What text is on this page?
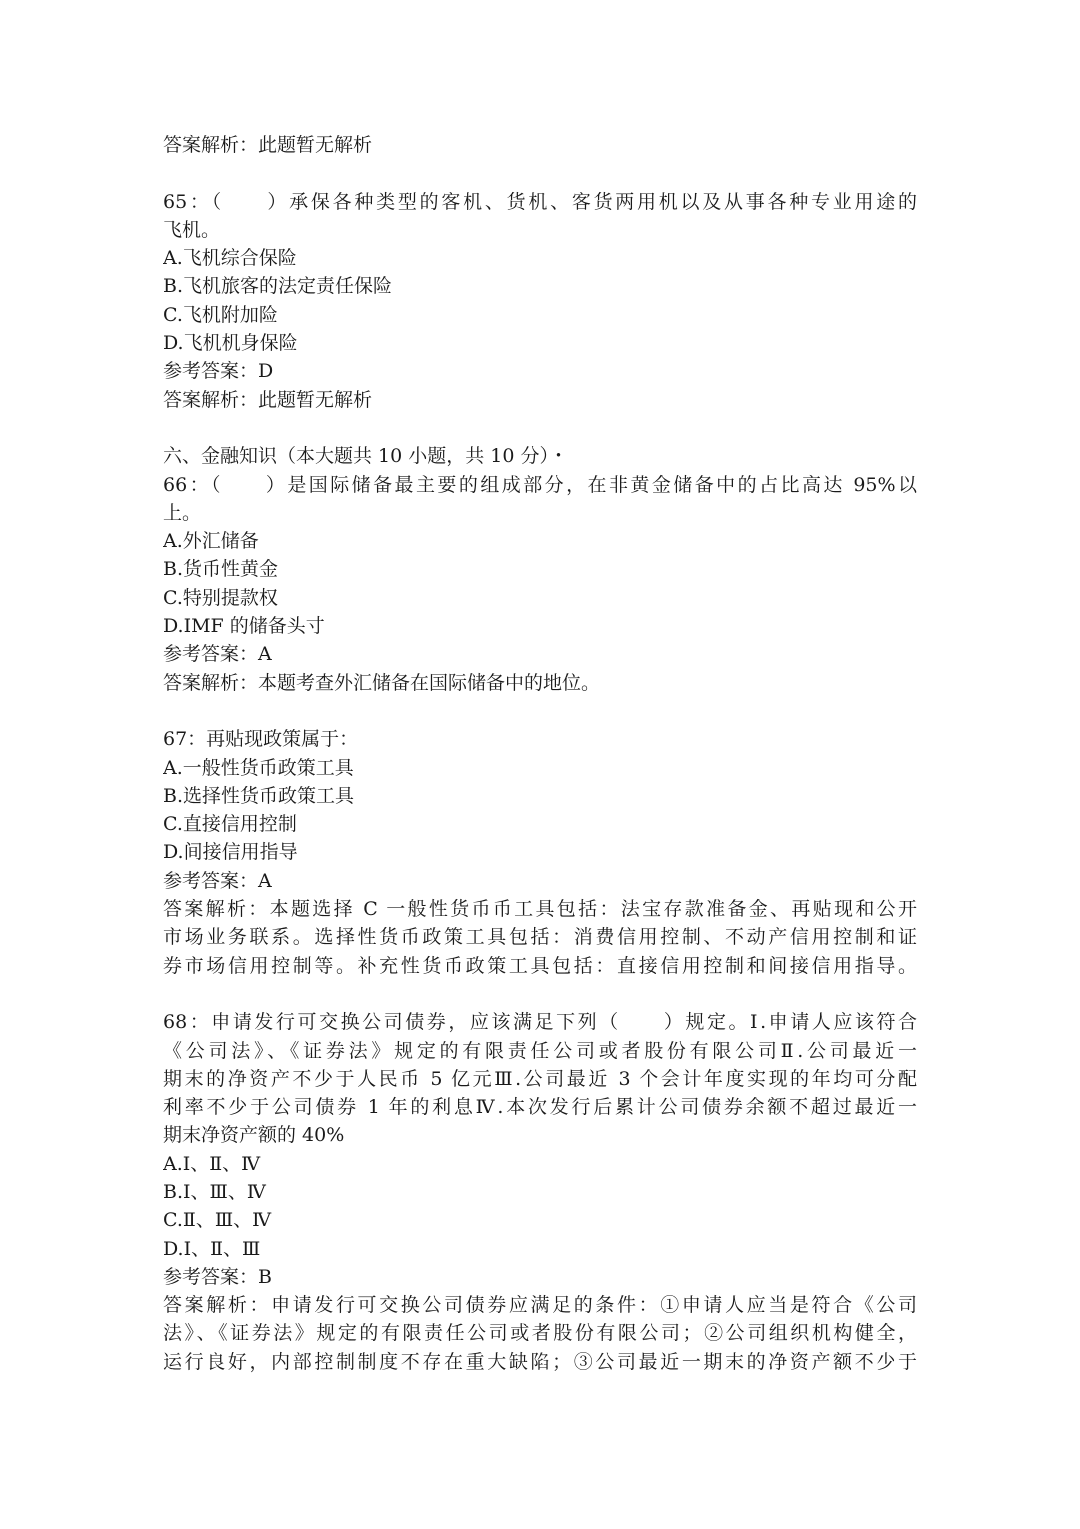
答案解析：此题暂无解析
65：（　　）承保各种类型的客机、货机、客货两用机以及从事各种专业用途的
飞机。
A.飞机综合保险
B.飞机旅客的法定责任保险
C.飞机附加险
D.飞机机身保险
参考答案：D
答案解析：此题暂无解析
六、金融知识（本大题共 10 小题，共 10 分）・
66：（　　）是国际储备最主要的组成部分，在非黄金储备中的占比高达 95%以
上。
A.外汇储备
B.货币性黄金
C.特别提款权
D.IMF 的储备头寸
参考答案：A
答案解析：本题考查外汇储备在国际储备中的地位。
67：再贴现政策属于：
A.一般性货币政策工具
B.选择性货币政策工具
C.直接信用控制
D.间接信用指导
参考答案：A
答案解析：本题选择 C 一般性货币币工具包括：法宝存款准备金、再贴现和公开
市场业务联系。选择性货币政策工具包括：消费信用控制、不动产信用控制和证
券市场信用控制等。补充性货币政策工具包括：直接信用控制和间接信用指导。
68：申请发行可交换公司债券，应该满足下列（　　）规定。Ⅰ.申请人应该符合
《公司法》、《证券法》规定的有限责任公司或者股份有限公司Ⅱ.公司最近一
期末的净资产不少于人民币 5 亿元Ⅲ.公司最近 3 个会计年度实现的年均可分配
利率不少于公司债券 1 年的利息Ⅳ.本次发行后累计公司债券余额不超过最近一
期末净资产额的 40%
A.Ⅰ、Ⅱ、Ⅳ
B.Ⅰ、Ⅲ、Ⅳ
C.Ⅱ、Ⅲ、Ⅳ
D.Ⅰ、Ⅱ、Ⅲ
参考答案：B
答案解析：申请发行可交换公司债券应满足的条件：①申请人应当是符合《公司
法》、《证券法》规定的有限责任公司或者股份有限公司；②公司组织机构健全，
运行良好，内部控制制度不存在重大缺陷；③公司最近一期末的净资产额不少于
